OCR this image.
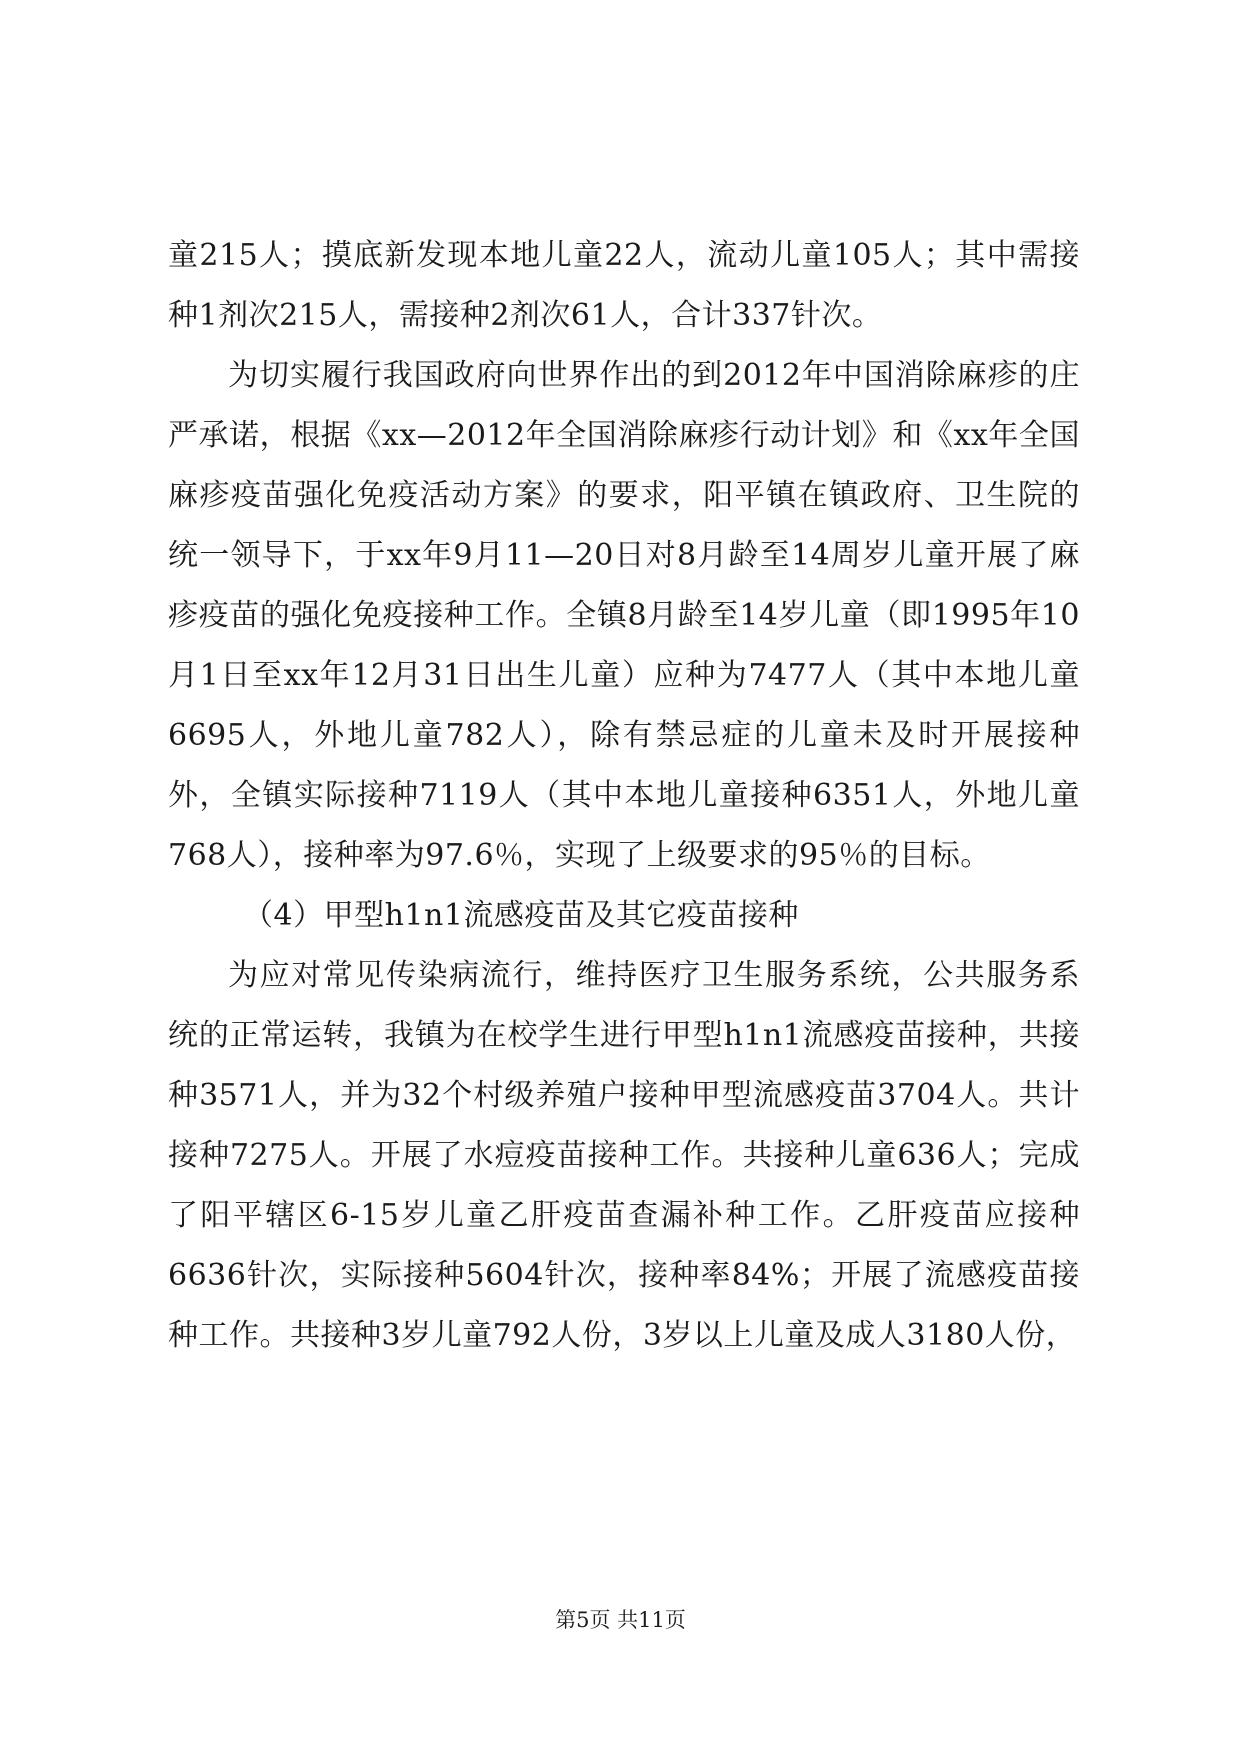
童215人；摸底新发现本地儿童22人，流动儿童105人；其中需接种1剂次215人，需接种2剂次61人，合计337针次。

为切实履行我国政府向世界作出的到2012年中国消除麻疹的庄严承诺，根据《xx—2012年全国消除麻疹行动计划》和《xx年全国麻疹疫苗强化免疫活动方案》的要求，阳平镇在镇政府、卫生院的统一领导下，于xx年9月11—20日对8月龄至14周岁儿童开展了麻疹疫苗的强化免疫接种工作。全镇8月龄至14岁儿童（即1995年10月1日至xx年12月31日出生儿童）应种为7477人（其中本地儿童6695人，外地儿童782人），除有禁忌症的儿童未及时开展接种外，全镇实际接种7119人（其中本地儿童接种6351人，外地儿童768人），接种率为97.6％，实现了上级要求的95％的目标。

（4）甲型h1n1流感疫苗及其它疫苗接种

为应对常见传染病流行，维持医疗卫生服务系统，公共服务系统的正常运转，我镇为在校学生进行甲型h1n1流感疫苗接种，共接种3571人，并为32个村级养殖户接种甲型流感疫苗3704人。共计接种7275人。开展了水痘疫苗接种工作。共接种儿童636人；完成了阳平辖区6-15岁儿童乙肝疫苗查漏补种工作。乙肝疫苗应接种6636针次，实际接种5604针次，接种率84%；开展了流感疫苗接种工作。共接种3岁儿童792人份，3岁以上儿童及成人3180人份，

第5页 共11页
